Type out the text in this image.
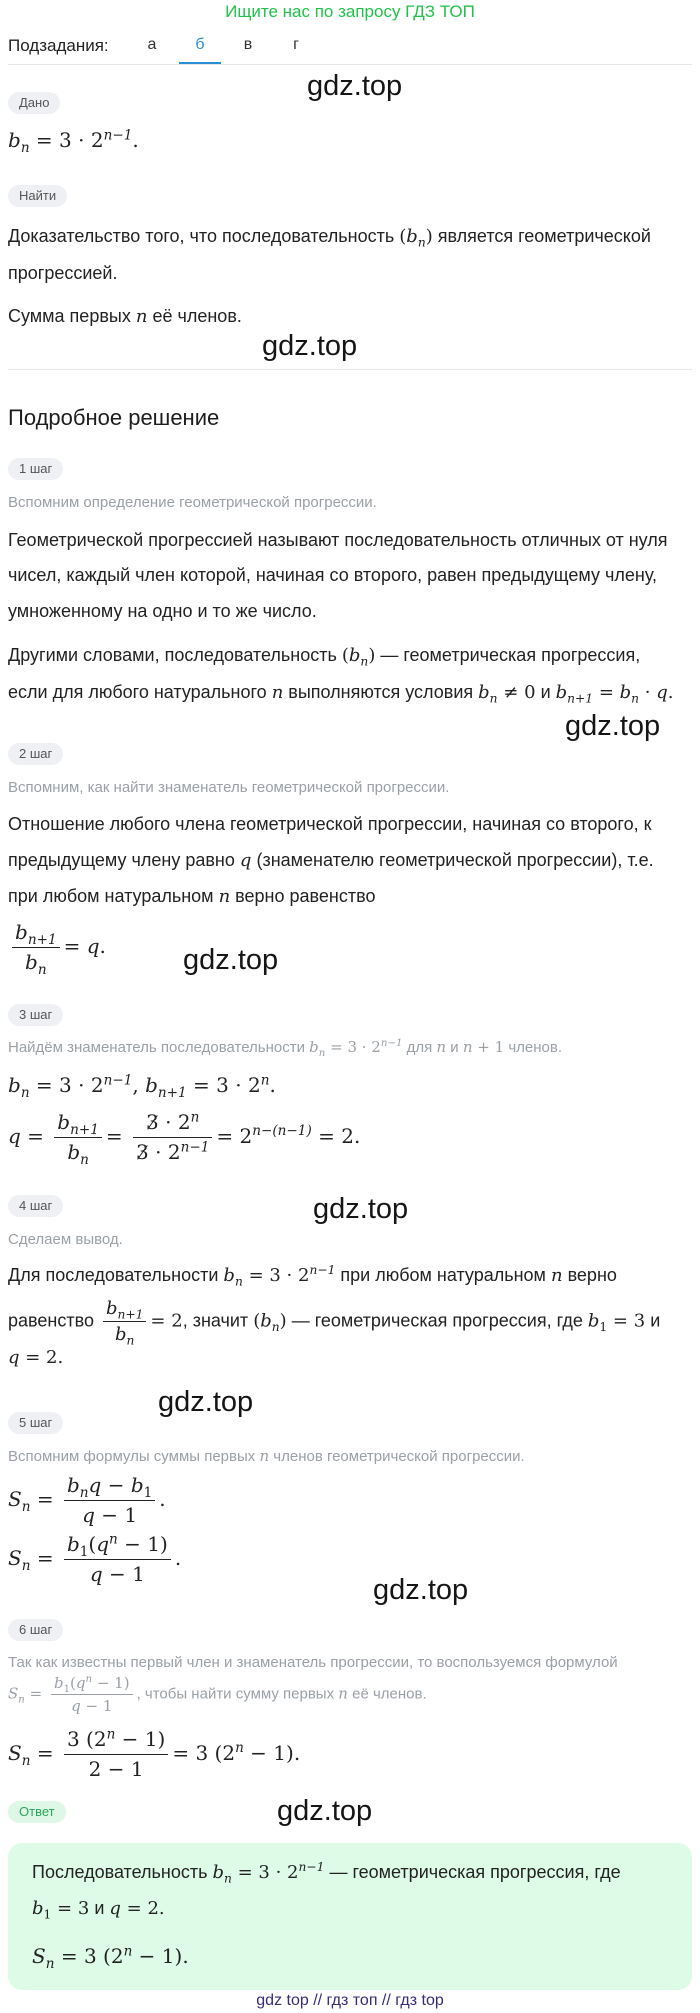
Ищите нас по запросу ГДЗ ТОП
Подзадания:	а	б	в	г
Дано
gdz.top
$b_n = 3 \cdot 2^{n-1}$.
Найти
Доказательство того, что последовательность $(b_n)$ является геометрической
прогрессией.
Сумма первых n её членов.
gdz.top
Подробное решение
1 шаг
Вспомним определение геометрической прогрессии.
Геометрической прогрессией называют последовательность отличных от нуля
чисел, каждый член которой, начиная со второго, равен предыдущему члену,
умноженному на одно и то же число.
Другими словами, последовательность $(b_n)$ — геометрическая прогрессия,
если для любого натурального n выполняются условия $b_n \ne 0$ и $b_{n+1} = b_n \cdot q$.
gdz.top
2 шаг
Вспомним, как найти знаменатель геометрической прогрессии.
Отношение любого члена геометрической прогрессии, начиная со второго, к
предыдущему члену равно q (знаменателю геометрической прогрессии), т.е.
при любом натуральном n верно равенство
$\frac{b_{n+1}}{b_n} = q$.	gdz.top
3 шаг
Найдём знаменатель последовательности $b_n = 3 \cdot 2^{n-1}$ для n и n + 1 членов.
$b_n = 3 \cdot 2^{n-1}$, $b_{n+1} = 3 \cdot 2^n$.
$q = \frac{b_{n+1}}{b_n} = \frac{3 \cdot 2^n}{3 \cdot 2^{n-1}} = 2^{n-(n-1)} = 2$.
4 шаг	gdz.top
Сделаем вывод.
Для последовательности $b_n = 3 \cdot 2^{n-1}$ при любом натуральном n верно
равенство $\frac{b_{n+1}}{b_n} = 2$, значит $(b_n)$ — геометрическая прогрессия, где $b_1 = 3$ и
q = 2.
gdz.top
5 шаг
Вспомним формулы суммы первых n членов геометрической прогрессии.
$S_n = \frac{b_nq - b_1}{q - 1}$ .
$S_n = \frac{b_1(q^n - 1)}{q - 1}$ .
gdz.top
6 шаг
Так как известны первый член и знаменатель прогрессии, то воспользуемся формулой
$S_n = \frac{b_1(q^n - 1)}{q - 1}$ , чтобы найти сумму первых n её членов.
$S_n = \frac{3 (2^n - 1)}{2 - 1} = 3$ $(2^n - 1)$.
Ответ	gdz.top
Последовательность $b_n = 3 \cdot 2^{n-1}$ — геометрическая прогрессия, где
$b_1 = 3$ и q = 2.
$S_n = 3$ $(2^n - 1)$.
gdz top // гдз топ // гдз top
